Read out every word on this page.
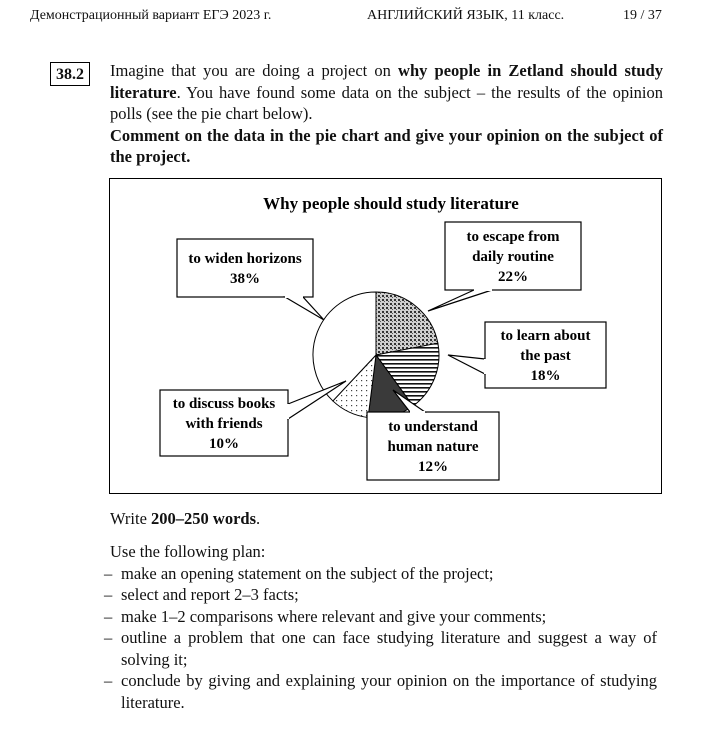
Демонстрационный вариант ЕГЭ 2023 г.	АНГЛИЙСКИЙ ЯЗЫК, 11 класс.	19 / 37
38.2	Imagine that you are doing a project on why people in Zetland should study literature. You have found some data on the subject – the results of the opinion polls (see the pie chart below).
Comment on the data in the pie chart and give your opinion on the subject of the project.
Why people should study literature
to escape from
daily routine
22%
to learn about
the past
18%
to understand
human nature
12%
to discuss books
with friends
10%
to widen horizons
38%
Write 200–250 words.
Use the following plan:
– make an opening statement on the subject of the project;
– select and report 2–3 facts;
– make 1–2 comparisons where relevant and give your comments;
– outline a problem that one can face studying literature and suggest a way of solving it;
– conclude by giving and explaining your opinion on the importance of studying literature.
